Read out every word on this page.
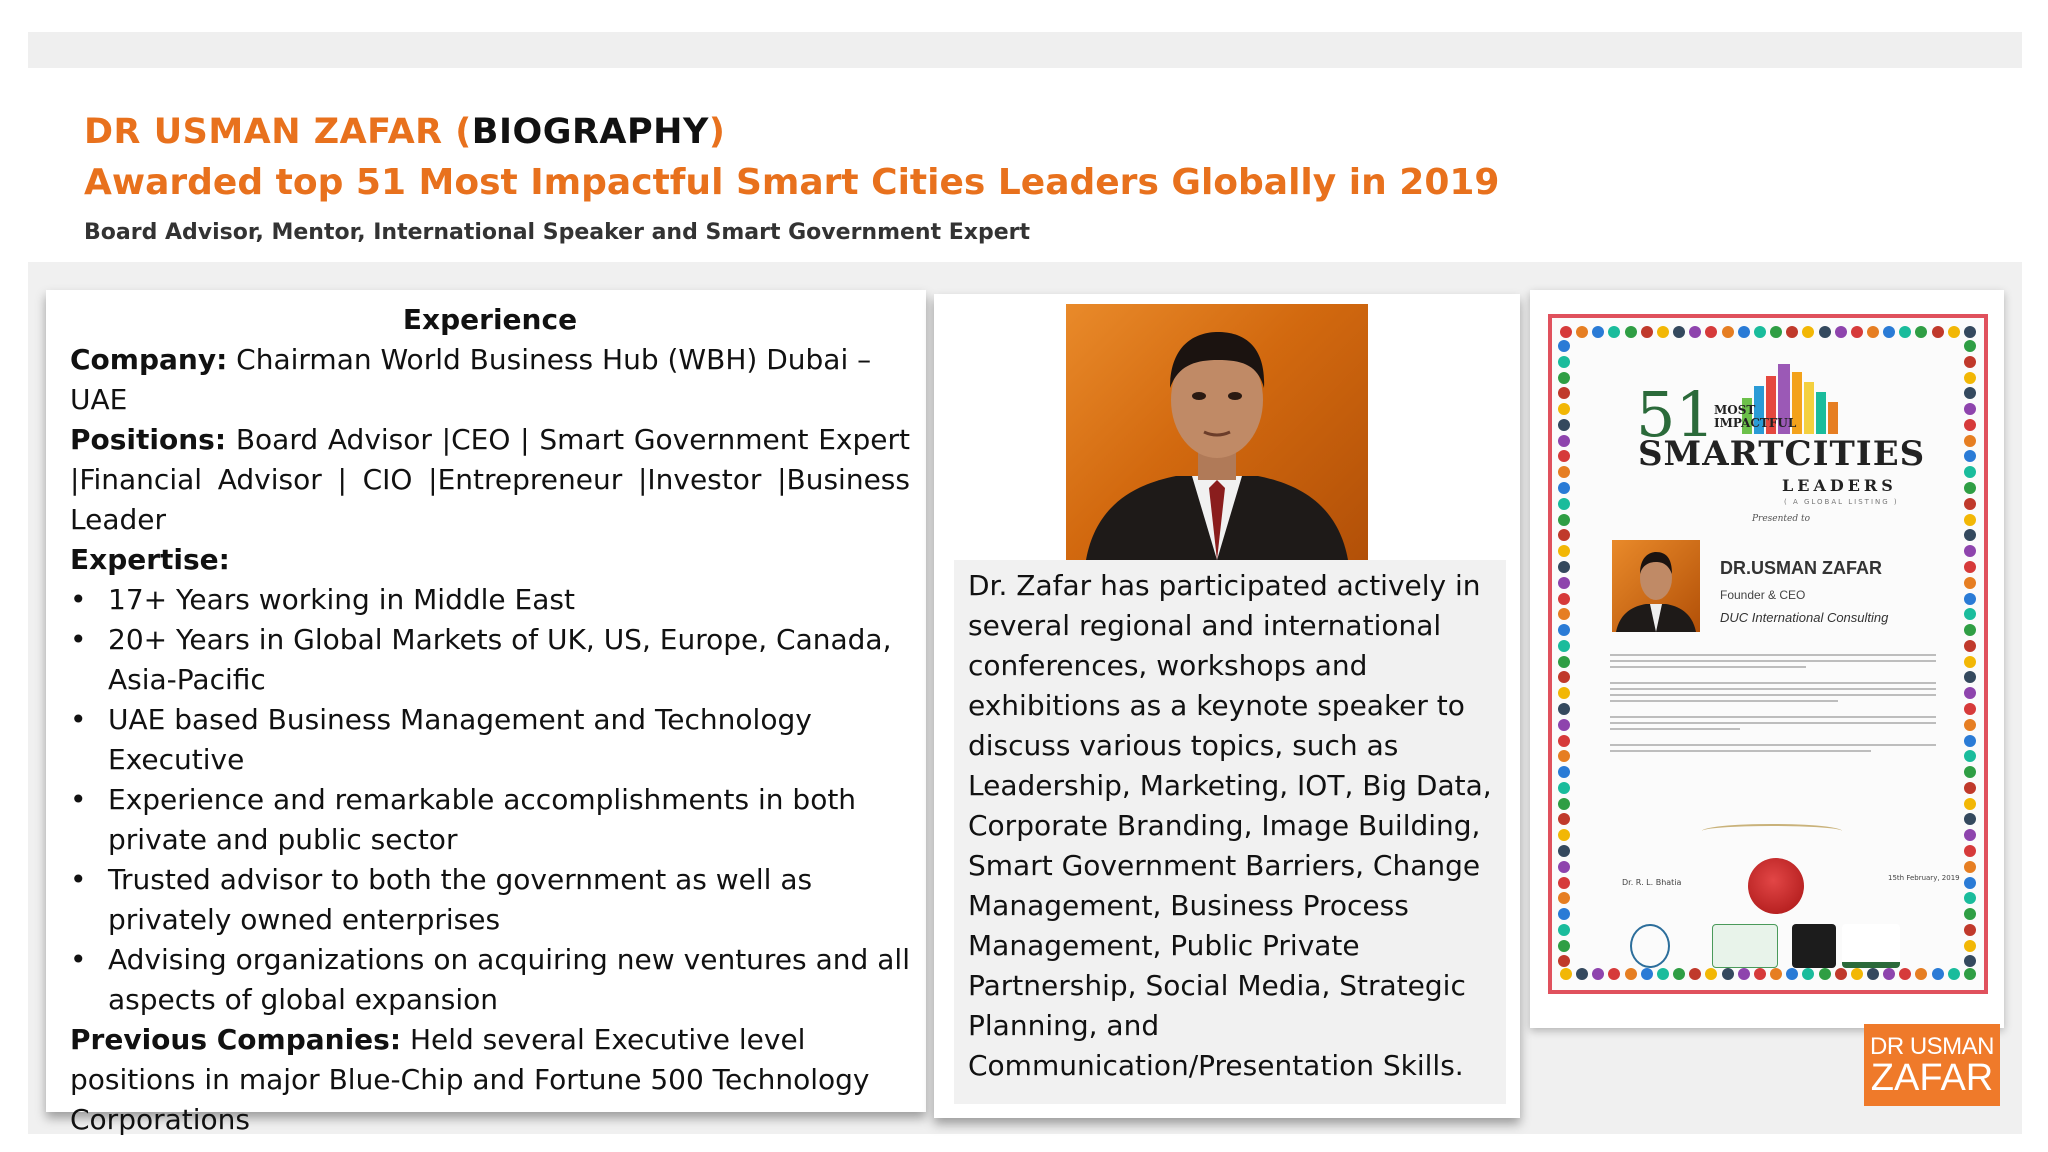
DR USMAN ZAFAR (BIOGRAPHY)
Awarded top 51 Most Impactful Smart Cities Leaders Globally in 2019
Board Advisor, Mentor, International Speaker and Smart Government Expert
Experience
Company: Chairman World Business Hub (WBH) Dubai – UAE
Positions: Board Advisor |CEO | Smart Government Expert |Financial Advisor | CIO |Entrepreneur |Investor |Business Leader
Expertise:
• 17+ Years working in Middle East
• 20+ Years in Global Markets of UK, US, Europe, Canada, Asia-Pacific
• UAE based Business Management and Technology Executive
• Experience and remarkable accomplishments in both private and public sector
• Trusted advisor to both the government as well as privately owned enterprises
• Advising organizations on acquiring new ventures and all aspects of global expansion
Previous Companies: Held several Executive level positions in major Blue-Chip and Fortune 500 Technology Corporations
Dr. Zafar has participated actively in several regional and international conferences, workshops and exhibitions as a keynote speaker to discuss various topics, such as Leadership, Marketing, IOT, Big Data, Corporate Branding, Image Building, Smart Government Barriers, Change Management, Business Process Management, Public Private Partnership, Social Media, Strategic Planning, and Communication/Presentation Skills.
51 MOST
IMPACTFUL
SMARTCITIES
LEADERS
( A GLOBAL LISTING )
Presented to
DR.USMAN ZAFAR
Founder & CEO
DUC International Consulting
Dr. R. L. Bhatia	15th February, 2019
DR USMAN
ZAFAR
